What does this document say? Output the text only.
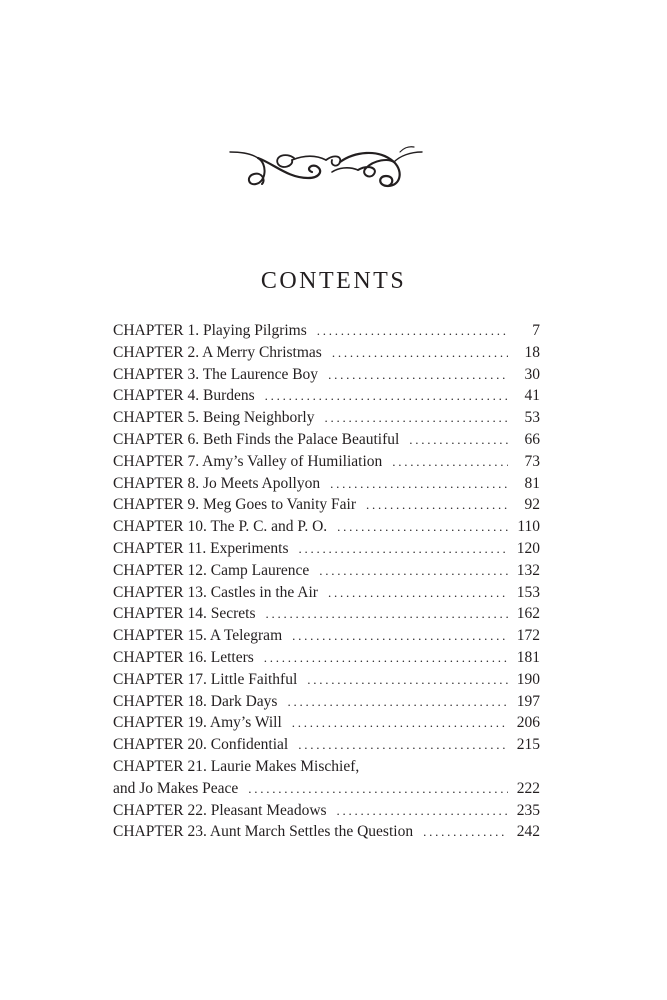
CONTENTS
CHAPTER 1. Playing Pilgrims . . .	7
CHAPTER 2. A Merry Christmas . . .	18
CHAPTER 3. The Laurence Boy . . .	30
CHAPTER 4. Burdens . . .	41
CHAPTER 5. Being Neighborly . . .	53
CHAPTER 6. Beth Finds the Palace Beautiful . . .	66
CHAPTER 7. Amy’s Valley of Humiliation . . .	73
CHAPTER 8. Jo Meets Apollyon . . .	81
CHAPTER 9. Meg Goes to Vanity Fair . . .	92
CHAPTER 10. The P. C. and P. O. . . .	110
CHAPTER 11. Experiments . . .	120
CHAPTER 12. Camp Laurence . . .	132
CHAPTER 13. Castles in the Air . . .	153
CHAPTER 14. Secrets . . .	162
CHAPTER 15. A Telegram . . .	172
CHAPTER 16. Letters . . .	181
CHAPTER 17. Little Faithful . . .	190
CHAPTER 18. Dark Days . . .	197
CHAPTER 19. Amy’s Will . . .	206
CHAPTER 20. Confidential . . .	215
CHAPTER 21. Laurie Makes Mischief,
and Jo Makes Peace . . .	222
CHAPTER 22. Pleasant Meadows . . .	235
CHAPTER 23. Aunt March Settles the Question . . .	242
